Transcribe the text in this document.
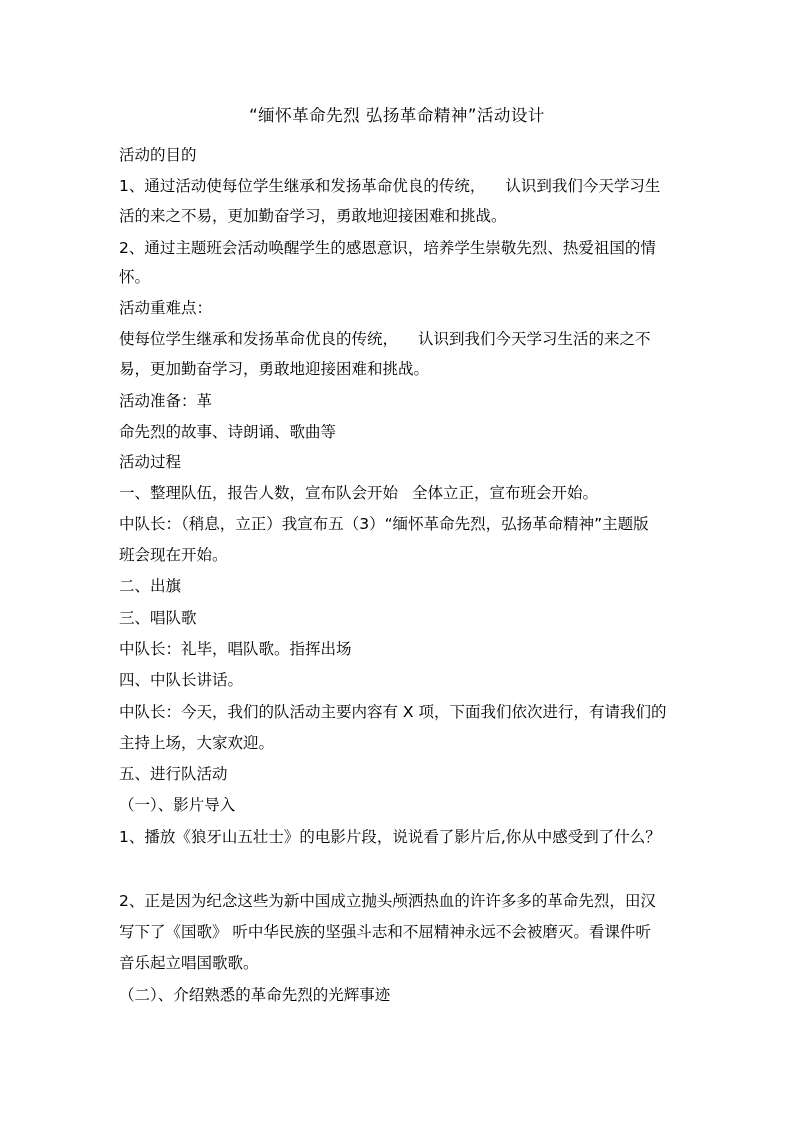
“缅怀革命先烈 弘扬革命精神”活动设计
活动的目的
1、通过活动使每位学生继承和发扬革命优良的传统， 认识到我们今天学习生
活的来之不易，更加勤奋学习，勇敢地迎接困难和挑战。
2、通过主题班会活动唤醒学生的感恩意识，培养学生崇敬先烈、热爱祖国的情
怀。
活动重难点：
使每位学生继承和发扬革命优良的传统， 认识到我们今天学习生活的来之不
易，更加勤奋学习，勇敢地迎接困难和挑战。
活动准备：革
命先烈的故事、诗朗诵、歌曲等
活动过程
一、整理队伍，报告人数，宣布队会开始 全体立正，宣布班会开始。
中队长：（稍息，立正）我宣布五（3）“缅怀革命先烈，弘扬革命精神”主题版
班会现在开始。
二、出旗
三、唱队歌
中队长：礼毕，唱队歌。指挥出场
四、中队长讲话。
中队长：今天，我们的队活动主要内容有 X 项，下面我们依次进行，有请我们的
主持上场，大家欢迎。
五、进行队活动
（一）、影片导入
1、播放《狼牙山五壮士》的电影片段，说说看了影片后,你从中感受到了什么？
2、正是因为纪念这些为新中国成立抛头颅洒热血的许许多多的革命先烈，田汉
写下了《国歌》 听中华民族的坚强斗志和不屈精神永远不会被磨灭。看课件听
音乐起立唱国歌歌。
（二）、介绍熟悉的革命先烈的光辉事迹
